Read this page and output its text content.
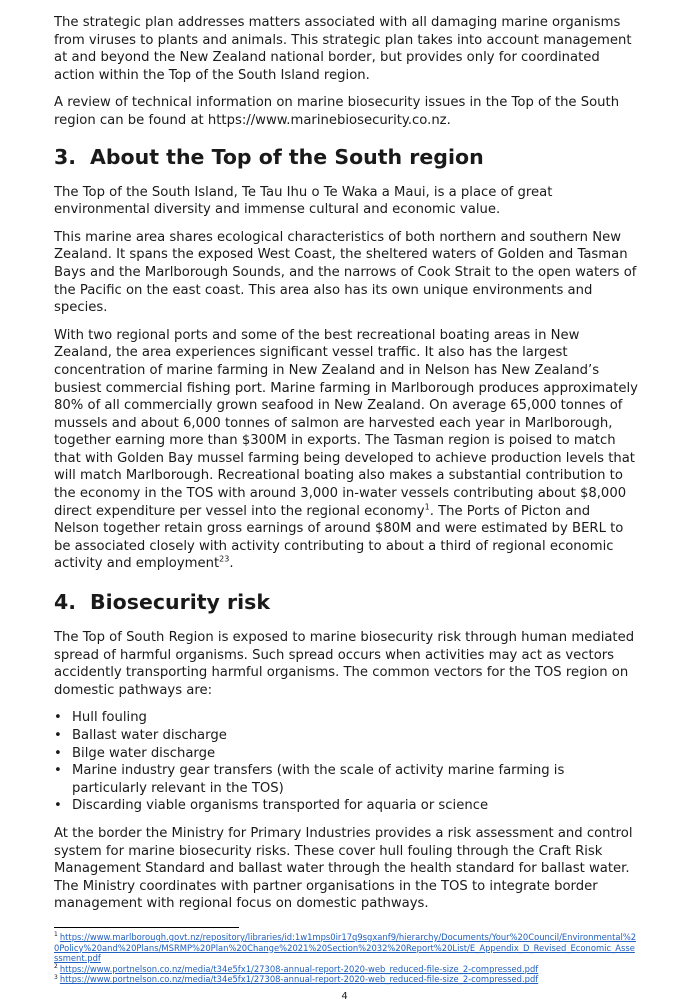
The strategic plan addresses matters associated with all damaging marine organisms from viruses to plants and animals. This strategic plan takes into account management at and beyond the New Zealand national border, but provides only for coordinated action within the Top of the South Island region.

A review of technical information on marine biosecurity issues in the Top of the South region can be found at https://www.marinebiosecurity.co.nz.

3. About the Top of the South region

The Top of the South Island, Te Tau Ihu o Te Waka a Maui, is a place of great environmental diversity and immense cultural and economic value.

This marine area shares ecological characteristics of both northern and southern New Zealand. It spans the exposed West Coast, the sheltered waters of Golden and Tasman Bays and the Marlborough Sounds, and the narrows of Cook Strait to the open waters of the Pacific on the east coast. This area also has its own unique environments and species.

With two regional ports and some of the best recreational boating areas in New Zealand, the area experiences significant vessel traffic. It also has the largest concentration of marine farming in New Zealand and in Nelson has New Zealand’s busiest commercial fishing port. Marine farming in Marlborough produces approximately 80% of all commercially grown seafood in New Zealand. On average 65,000 tonnes of mussels and about 6,000 tonnes of salmon are harvested each year in Marlborough, together earning more than $300M in exports. The Tasman region is poised to match that with Golden Bay mussel farming being developed to achieve production levels that will match Marlborough. Recreational boating also makes a substantial contribution to the economy in the TOS with around 3,000 in-water vessels contributing about $8,000 direct expenditure per vessel into the regional economy$^1$. The Ports of Picton and Nelson together retain gross earnings of around $80M and were estimated by BERL to be associated closely with activity contributing to about a third of regional economic activity and employment$^{23}$.

4. Biosecurity risk

The Top of South Region is exposed to marine biosecurity risk through human mediated spread of harmful organisms. Such spread occurs when activities may act as vectors accidently transporting harmful organisms. The common vectors for the TOS region on domestic pathways are:

• Hull fouling
• Ballast water discharge
• Bilge water discharge
• Marine industry gear transfers (with the scale of activity marine farming is particularly relevant in the TOS)
• Discarding viable organisms transported for aquaria or science

At the border the Ministry for Primary Industries provides a risk assessment and control system for marine biosecurity risks. These cover hull fouling through the Craft Risk Management Standard and ballast water through the health standard for ballast water. The Ministry coordinates with partner organisations in the TOS to integrate border management with regional focus on domestic pathways.

$^1$ https://www.marlborough.govt.nz/repository/libraries/id:1w1mps0ir17q9sgxanf9/hierarchy/Documents/Your%20Council/Environmental%20Policy%20and%20Plans/MSRMP%20Plan%20Change%2021%20Section%2032%20Report%20List/E_Appendix_D_Revised_Economic_Assessment.pdf

$^2$ https://www.portnelson.co.nz/media/t34e5fx1/27308-annual-report-2020-web_reduced-file-size_2-compressed.pdf

$^3$ https://www.portnelson.co.nz/media/t34e5fx1/27308-annual-report-2020-web_reduced-file-size_2-compressed.pdf

4
